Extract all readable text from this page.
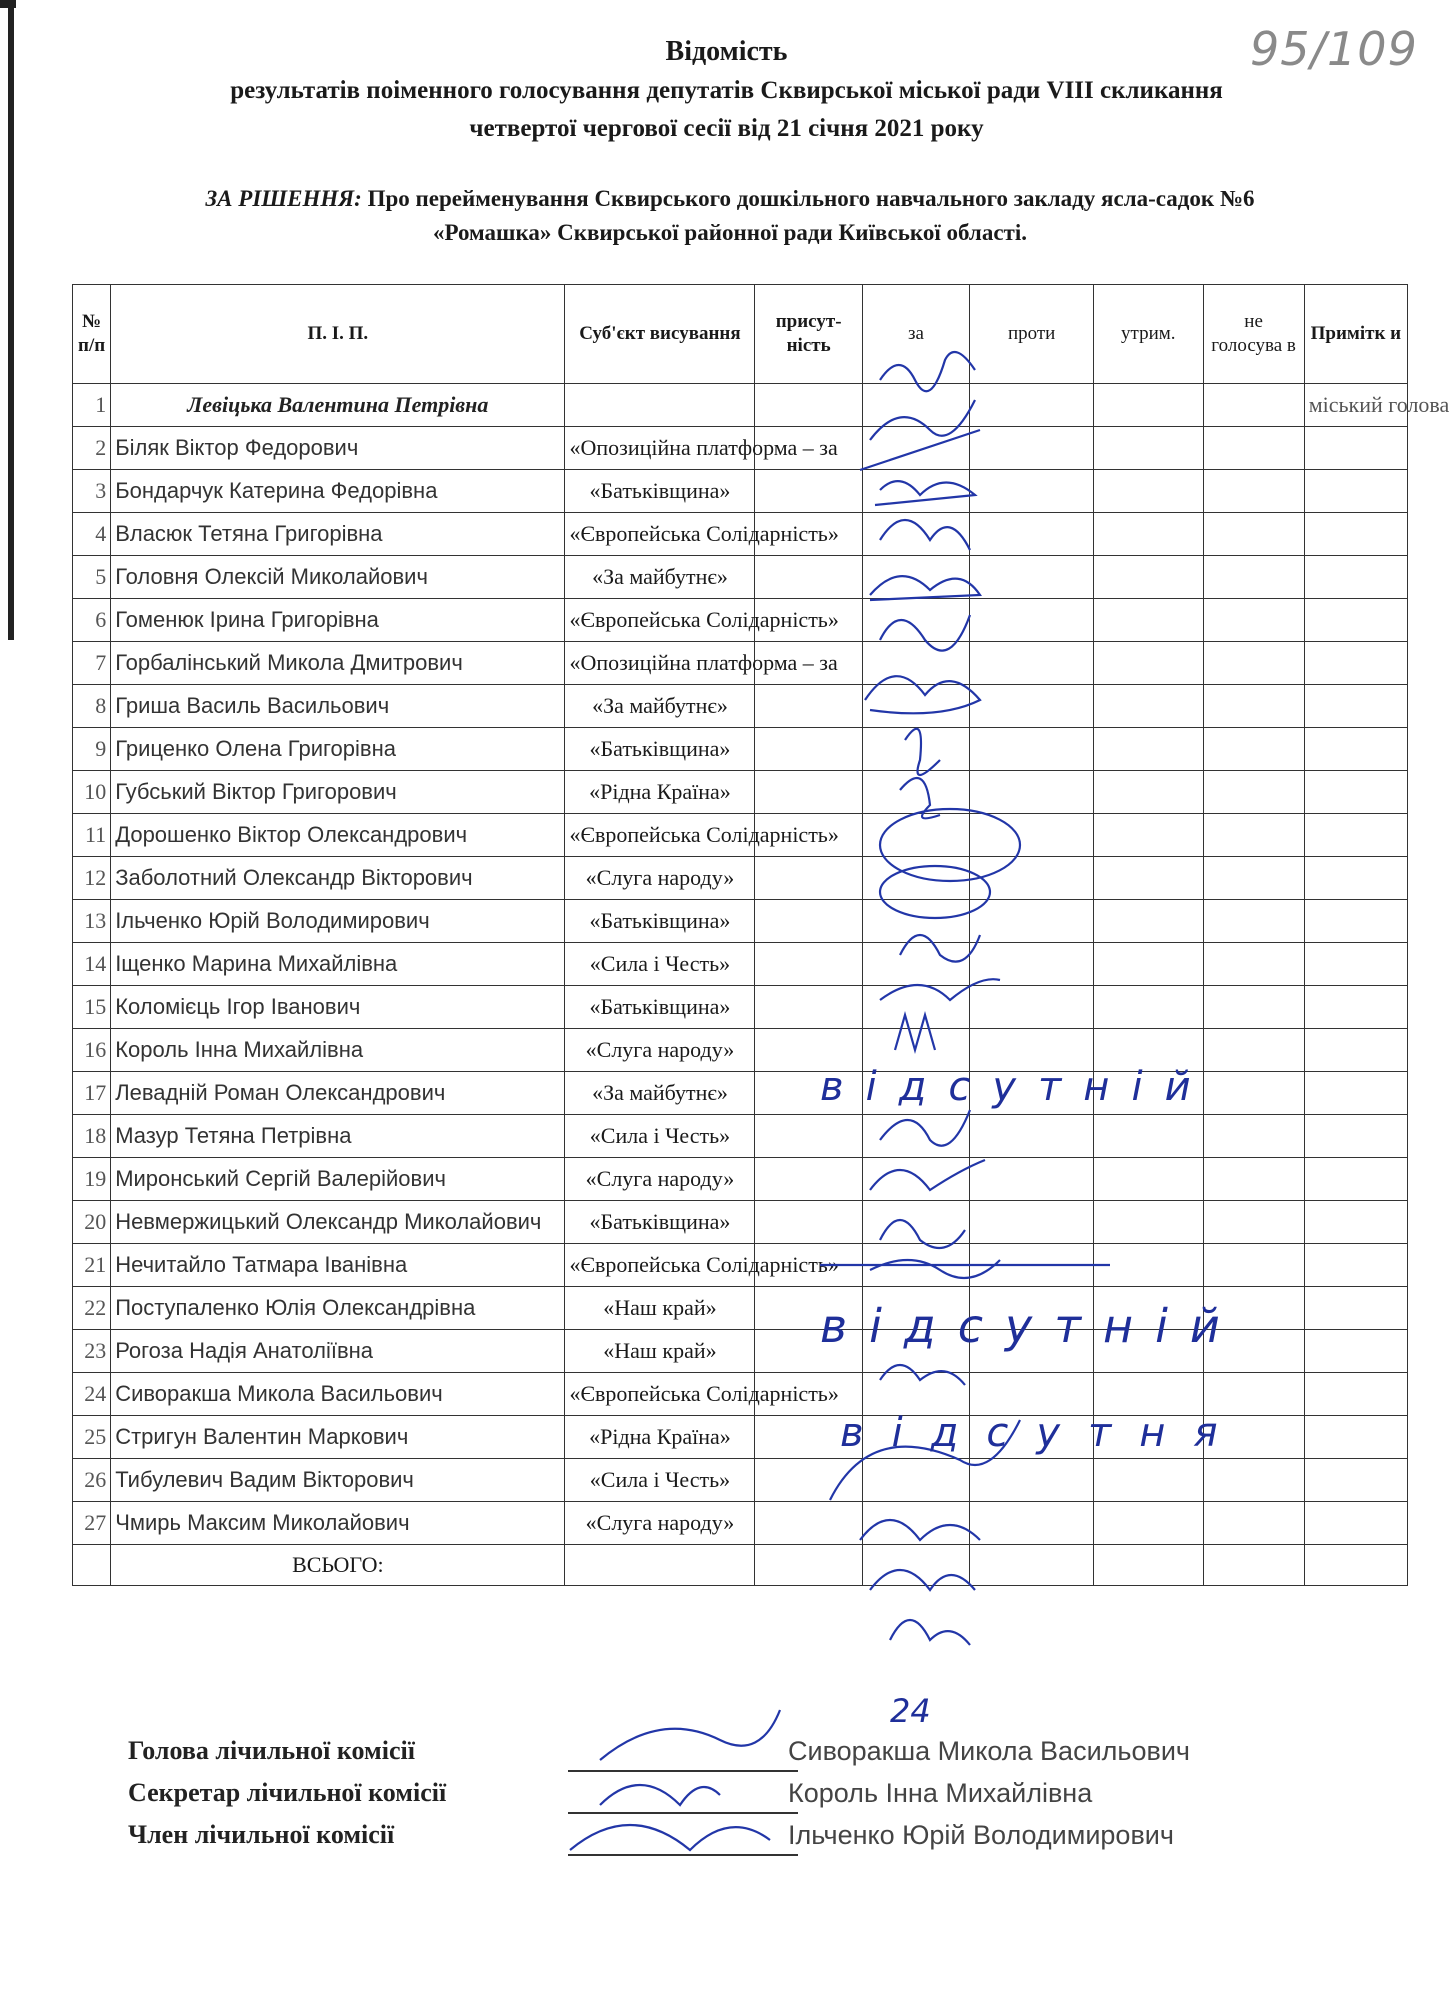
95/109
Відомість
результатів поіменного голосування депутатів Сквирської міської ради VIII скликання
четвертої чергової сесії від 21 січня 2021 року
ЗА РІШЕННЯ: Про перейменування Сквирського дошкільного навчального закладу ясла-садок №6
«Ромашка» Сквирської районної ради Київської області.
№ п/п	П. І. П.	Суб'єкт висування	присут-ність	за	проти	утрим.	не голосува в	Примітк и
1	Левіцька Валентина Петрівна							міський голова
2	Біляк Віктор Федорович	«Опозиційна платформа – за						
3	Бондарчук Катерина Федорівна	«Батьківщина»						
4	Власюк Тетяна Григорівна	«Європейська Солідарність»						
5	Головня Олексій Миколайович	«За майбутнє»						
6	Гоменюк Ірина Григорівна	«Європейська Солідарність»						
7	Горбалінський Микола Дмитрович	«Опозиційна платформа – за						
8	Гриша Василь Васильович	«За майбутнє»						
9	Гриценко Олена Григорівна	«Батьківщина»						
10	Губський Віктор Григорович	«Рідна Країна»						
11	Дорошенко Віктор Олександрович	«Європейська Солідарність»						
12	Заболотний Олександр Вікторович	«Слуга народу»						
13	Ільченко Юрій Володимирович	«Батьківщина»						
14	Іщенко Марина Михайлівна	«Сила і Честь»						
15	Коломієць Ігор Іванович	«Батьківщина»						
16	Король Інна Михайлівна	«Слуга народу»						
17	Левадній Роман Олександрович	«За майбутнє»						
18	Мазур Тетяна Петрівна	«Сила і Честь»						
19	Миронський Сергій Валерійович	«Слуга народу»						
20	Невмержицький Олександр Миколайович	«Батьківщина»						
21	Нечитайло Татмара Іванівна	«Європейська Солідарність»						
22	Поступаленко Юлія Олександрівна	«Наш край»						
23	Рогоза Надія Анатоліївна	«Наш край»						
24	Сиворакша Микола Васильович	«Європейська Солідарність»						
25	Стригун Валентин Маркович	«Рідна Країна»						
26	Тибулевич Вадим Вікторович	«Сила і Честь»						
27	Чмирь Максим Миколайович	«Слуга народу»						
	ВСЬОГО:							
відсутній
відсутній
відсутня
24
Голова лічильної комісії	Сиворакша Микола Васильович
Секретар лічильної комісії	Король Інна Михайлівна
Член лічильної комісії	Ільченко Юрій Володимирович
